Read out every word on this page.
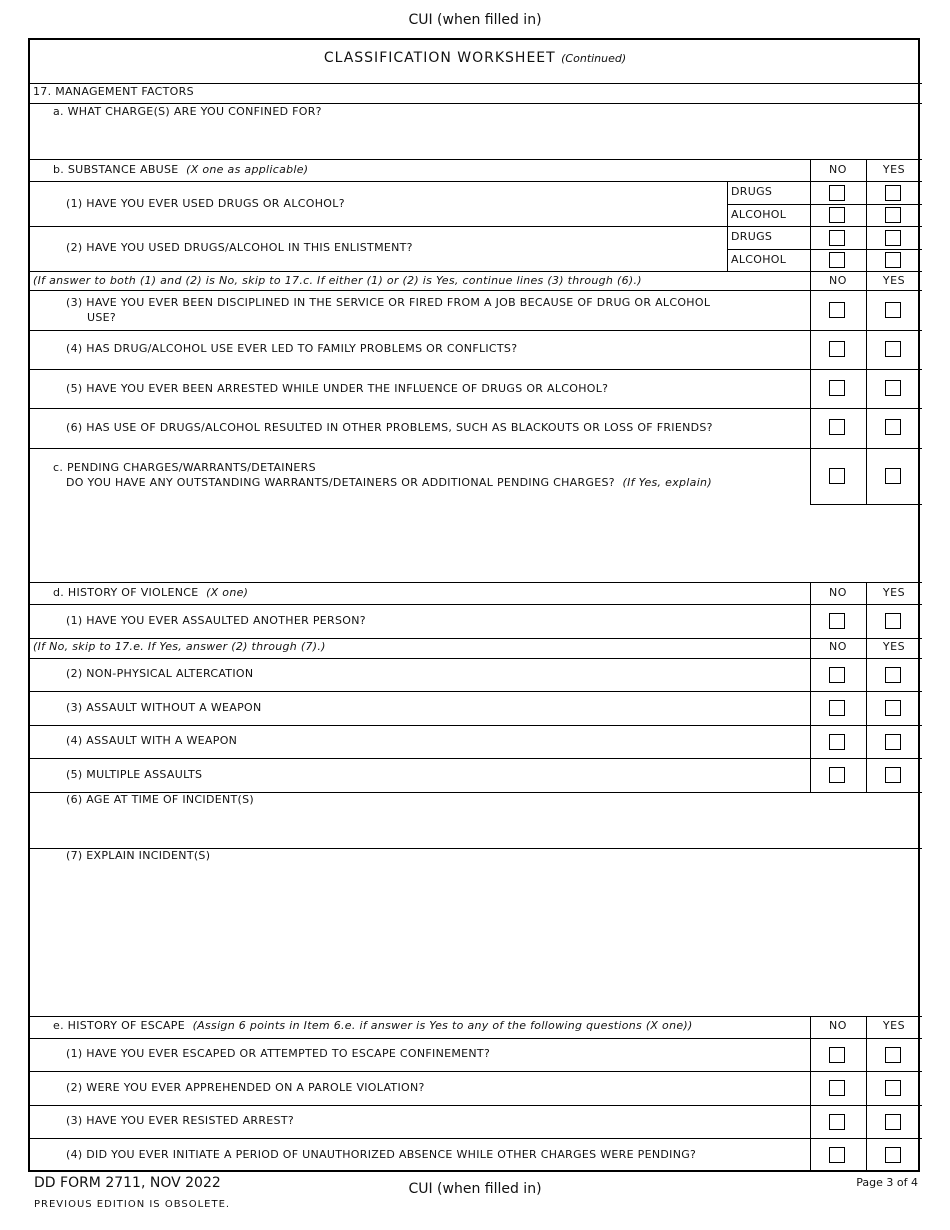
CUI (when filled in)
CLASSIFICATION WORKSHEET (Continued)
17. MANAGEMENT FACTORS
a. WHAT CHARGE(S) ARE YOU CONFINED FOR?
b. SUBSTANCE ABUSE (X one as applicable)	NO	YES
(1) HAVE YOU EVER USED DRUGS OR ALCOHOL?
DRUGS
ALCOHOL
(2) HAVE YOU USED DRUGS/ALCOHOL IN THIS ENLISTMENT?
DRUGS
ALCOHOL
(If answer to both (1) and (2) is No, skip to 17.c. If either (1) or (2) is Yes, continue lines (3) through (6).)	NO	YES
(3) HAVE YOU EVER BEEN DISCIPLINED IN THE SERVICE OR FIRED FROM A JOB BECAUSE OF DRUG OR ALCOHOL
USE?
(4) HAS DRUG/ALCOHOL USE EVER LED TO FAMILY PROBLEMS OR CONFLICTS?
(5) HAVE YOU EVER BEEN ARRESTED WHILE UNDER THE INFLUENCE OF DRUGS OR ALCOHOL?
(6) HAS USE OF DRUGS/ALCOHOL RESULTED IN OTHER PROBLEMS, SUCH AS BLACKOUTS OR LOSS OF FRIENDS?
c. PENDING CHARGES/WARRANTS/DETAINERS
DO YOU HAVE ANY OUTSTANDING WARRANTS/DETAINERS OR ADDITIONAL PENDING CHARGES? (If Yes, explain)
d. HISTORY OF VIOLENCE (X one)	NO	YES
(1) HAVE YOU EVER ASSAULTED ANOTHER PERSON?
(If No, skip to 17.e. If Yes, answer (2) through (7).)	NO	YES
(2) NON-PHYSICAL ALTERCATION
(3) ASSAULT WITHOUT A WEAPON
(4) ASSAULT WITH A WEAPON
(5) MULTIPLE ASSAULTS
(6) AGE AT TIME OF INCIDENT(S)
(7) EXPLAIN INCIDENT(S)
e. HISTORY OF ESCAPE (Assign 6 points in Item 6.e. if answer is Yes to any of the following questions (X one))	NO	YES
(1) HAVE YOU EVER ESCAPED OR ATTEMPTED TO ESCAPE CONFINEMENT?
(2) WERE YOU EVER APPREHENDED ON A PAROLE VIOLATION?
(3) HAVE YOU EVER RESISTED ARREST?
(4) DID YOU EVER INITIATE A PERIOD OF UNAUTHORIZED ABSENCE WHILE OTHER CHARGES WERE PENDING?
DD FORM 2711, NOV 2022
PREVIOUS EDITION IS OBSOLETE.
CUI (when filled in)	Page 3 of 4
